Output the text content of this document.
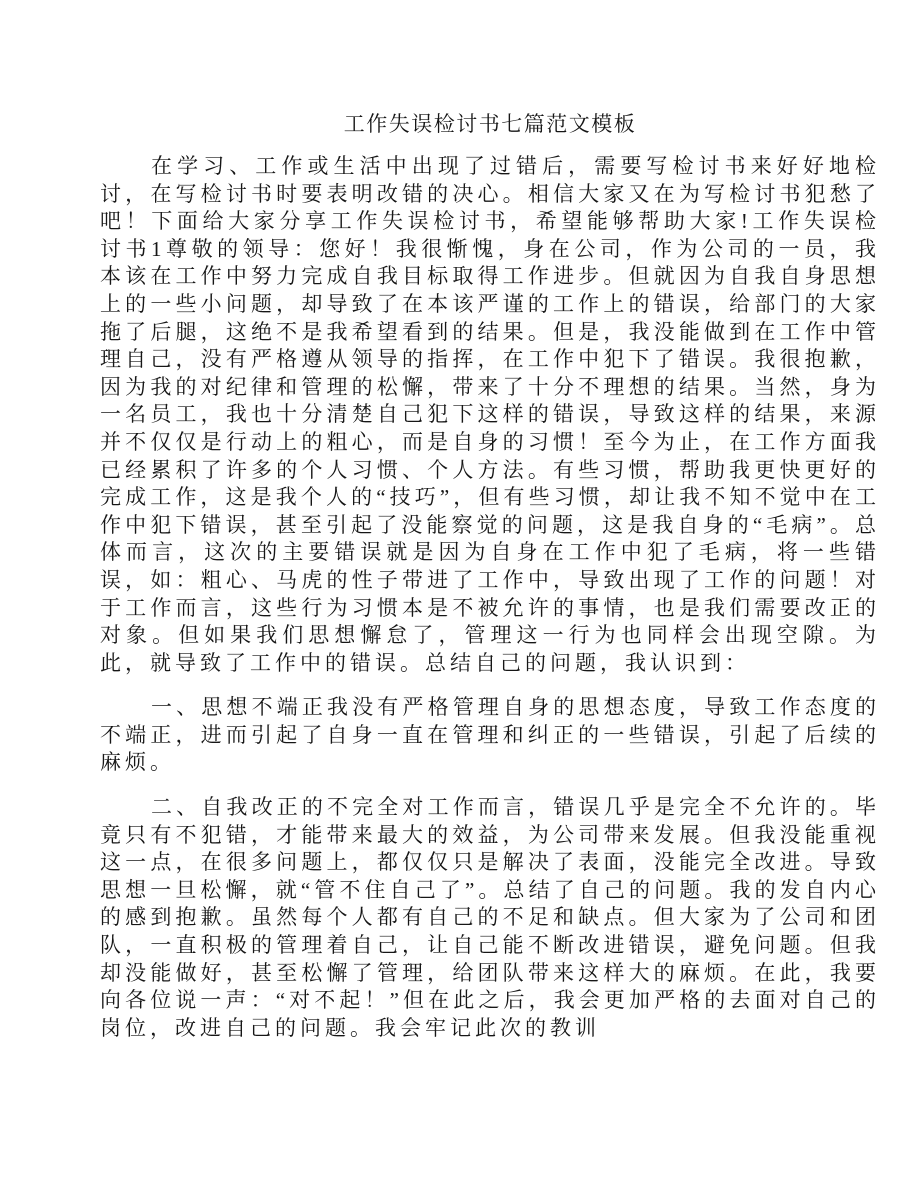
工作失误检讨书七篇范文模板

在学习、工作或生活中出现了过错后，需要写检讨书来好好地检讨，在写检讨书时要表明改错的决心。相信大家又在为写检讨书犯愁了吧！下面给大家分享工作失误检讨书，希望能够帮助大家!工作失误检讨书1尊敬的领导：您好！我很惭愧，身在公司，作为公司的一员，我本该在工作中努力完成自我目标取得工作进步。但就因为自我自身思想上的一些小问题，却导致了在本该严谨的工作上的错误，给部门的大家拖了后腿，这绝不是我希望看到的结果。但是，我没能做到在工作中管理自己，没有严格遵从领导的指挥，在工作中犯下了错误。我很抱歉，因为我的对纪律和管理的松懈，带来了十分不理想的结果。当然，身为一名员工，我也十分清楚自己犯下这样的错误，导致这样的结果，来源并不仅仅是行动上的粗心，而是自身的习惯！至今为止，在工作方面我已经累积了许多的个人习惯、个人方法。有些习惯，帮助我更快更好的完成工作，这是我个人的“技巧”，但有些习惯，却让我不知不觉中在工作中犯下错误，甚至引起了没能察觉的问题，这是我自身的“毛病”。总体而言，这次的主要错误就是因为自身在工作中犯了毛病，将一些错误，如：粗心、马虎的性子带进了工作中，导致出现了工作的问题！对于工作而言，这些行为习惯本是不被允许的事情，也是我们需要改正的对象。但如果我们思想懈怠了，管理这一行为也同样会出现空隙。为此，就导致了工作中的错误。总结自己的问题，我认识到：

一、思想不端正我没有严格管理自身的思想态度，导致工作态度的不端正，进而引起了自身一直在管理和纠正的一些错误，引起了后续的麻烦。

二、自我改正的不完全对工作而言，错误几乎是完全不允许的。毕竟只有不犯错，才能带来最大的效益，为公司带来发展。但我没能重视这一点，在很多问题上，都仅仅只是解决了表面，没能完全改进。导致思想一旦松懈，就“管不住自己了”。总结了自己的问题。我的发自内心的感到抱歉。虽然每个人都有自己的不足和缺点。但大家为了公司和团队，一直积极的管理着自己，让自己能不断改进错误，避免问题。但我却没能做好，甚至松懈了管理，给团队带来这样大的麻烦。在此，我要向各位说一声：“对不起！”但在此之后，我会更加严格的去面对自己的岗位，改进自己的问题。我会牢记此次的教训
